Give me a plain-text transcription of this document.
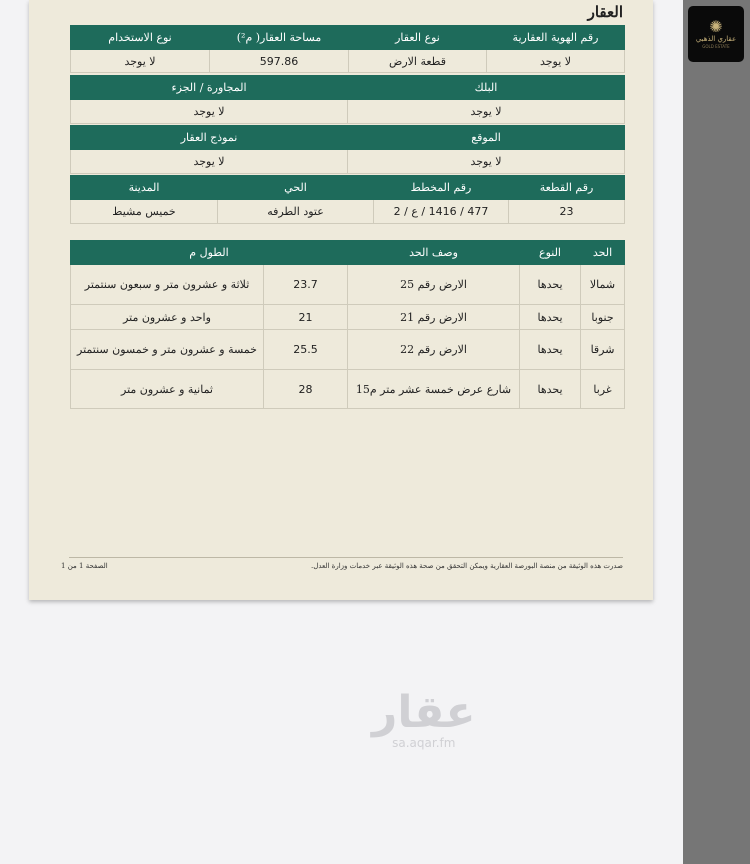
✺
عقاري الذهبي
GOLD ESTATE
العقار
رقم الهوية العقارية	نوع العقار	مساحة العقار( م²)	نوع الاستخدام
لا يوجد	قطعة الارض	597.86	لا يوجد
البلك	المجاورة / الجزء
لا يوجد	لا يوجد
الموقع	نموذج العقار
لا يوجد	لا يوجد
رقم القطعة	رقم المخطط	الحي	المدينة
23	477 / 1416 / ع / 2	عتود الطرفه	خميس مشيط
الحد	النوع	وصف الحد	الطول م	
شمالا	يحدها	الارض رقم 25	23.7	ثلاثة و عشرون متر و سبعون سنتمتر
جنوبا	يحدها	الارض رقم 21	21	واحد و عشرون متر
شرقا	يحدها	الارض رقم 22	25.5	خمسة و عشرون متر و خمسون سنتمتر
غربا	يحدها	شارع عرض خمسة عشر متر م15	28	ثمانية و عشرون متر
صدرت هذه الوثيقة من منصة البورصة العقارية ويمكن التحقق من صحة هذه الوثيقة عبر خدمات وزارة العدل.
الصفحة 1 من 1
عقار
sa.aqar.fm
